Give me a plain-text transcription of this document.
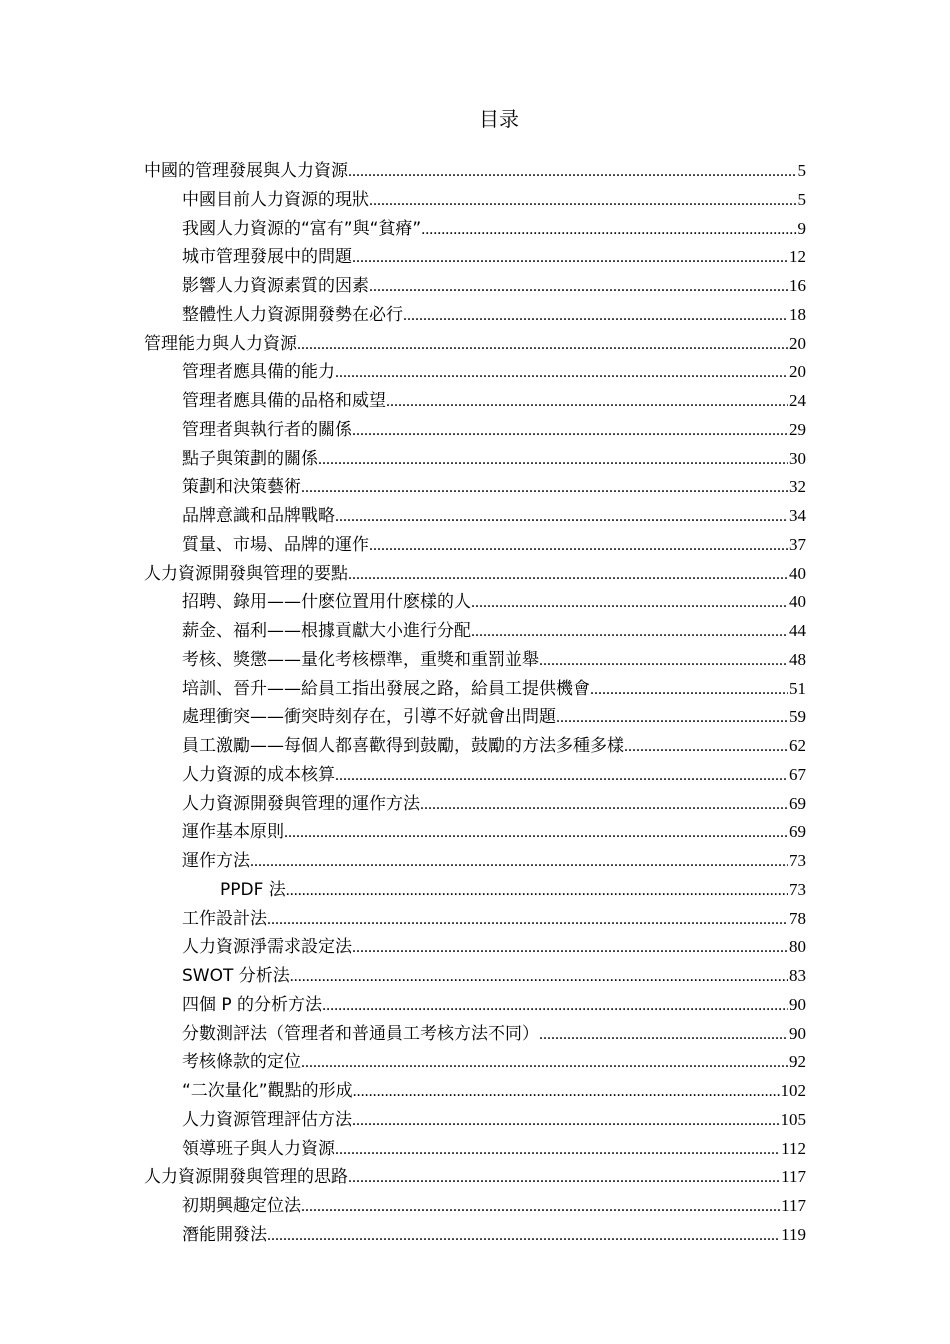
目录
中國的管理發展與人力資源 .....	5
中國目前人力資源的現狀 .....	5
我國人力資源的“富有”與“貧瘠” .....	9
城市管理發展中的問題 .....	12
影響人力資源素質的因素 .....	16
整體性人力資源開發勢在必行 .....	18
管理能力與人力資源 .....	20
管理者應具備的能力 .....	20
管理者應具備的品格和威望 .....	24
管理者與執行者的關係 .....	29
點子與策劃的關係 .....	30
策劃和決策藝術 .....	32
品牌意識和品牌戰略 .....	34
質量、市場、品牌的運作 .....	37
人力資源開發與管理的要點 .....	40
招聘、錄用——什麽位置用什麽樣的人 .....	40
薪金、福利——根據貢獻大小進行分配 .....	44
考核、獎懲——量化考核標準，重獎和重罰並舉 .....	48
培訓、晉升——給員工指出發展之路，給員工提供機會 .....	51
處理衝突——衝突時刻存在，引導不好就會出問題 .....	59
員工激勵——每個人都喜歡得到鼓勵，鼓勵的方法多種多樣 .....	62
人力資源的成本核算 .....	67
人力資源開發與管理的運作方法 .....	69
運作基本原則 .....	69
運作方法 .....	73
PPDF 法 .....	73
工作設計法 .....	78
人力資源淨需求設定法 .....	80
SWOT 分析法 .....	83
四個 P 的分析方法 .....	90
分數測評法（管理者和普通員工考核方法不同） .....	90
考核條款的定位 .....	92
“二次量化”觀點的形成 .....	102
人力資源管理評估方法 .....	105
領導班子與人力資源 .....	112
人力資源開發與管理的思路 .....	117
初期興趣定位法 .....	117
潛能開發法 .....	119
